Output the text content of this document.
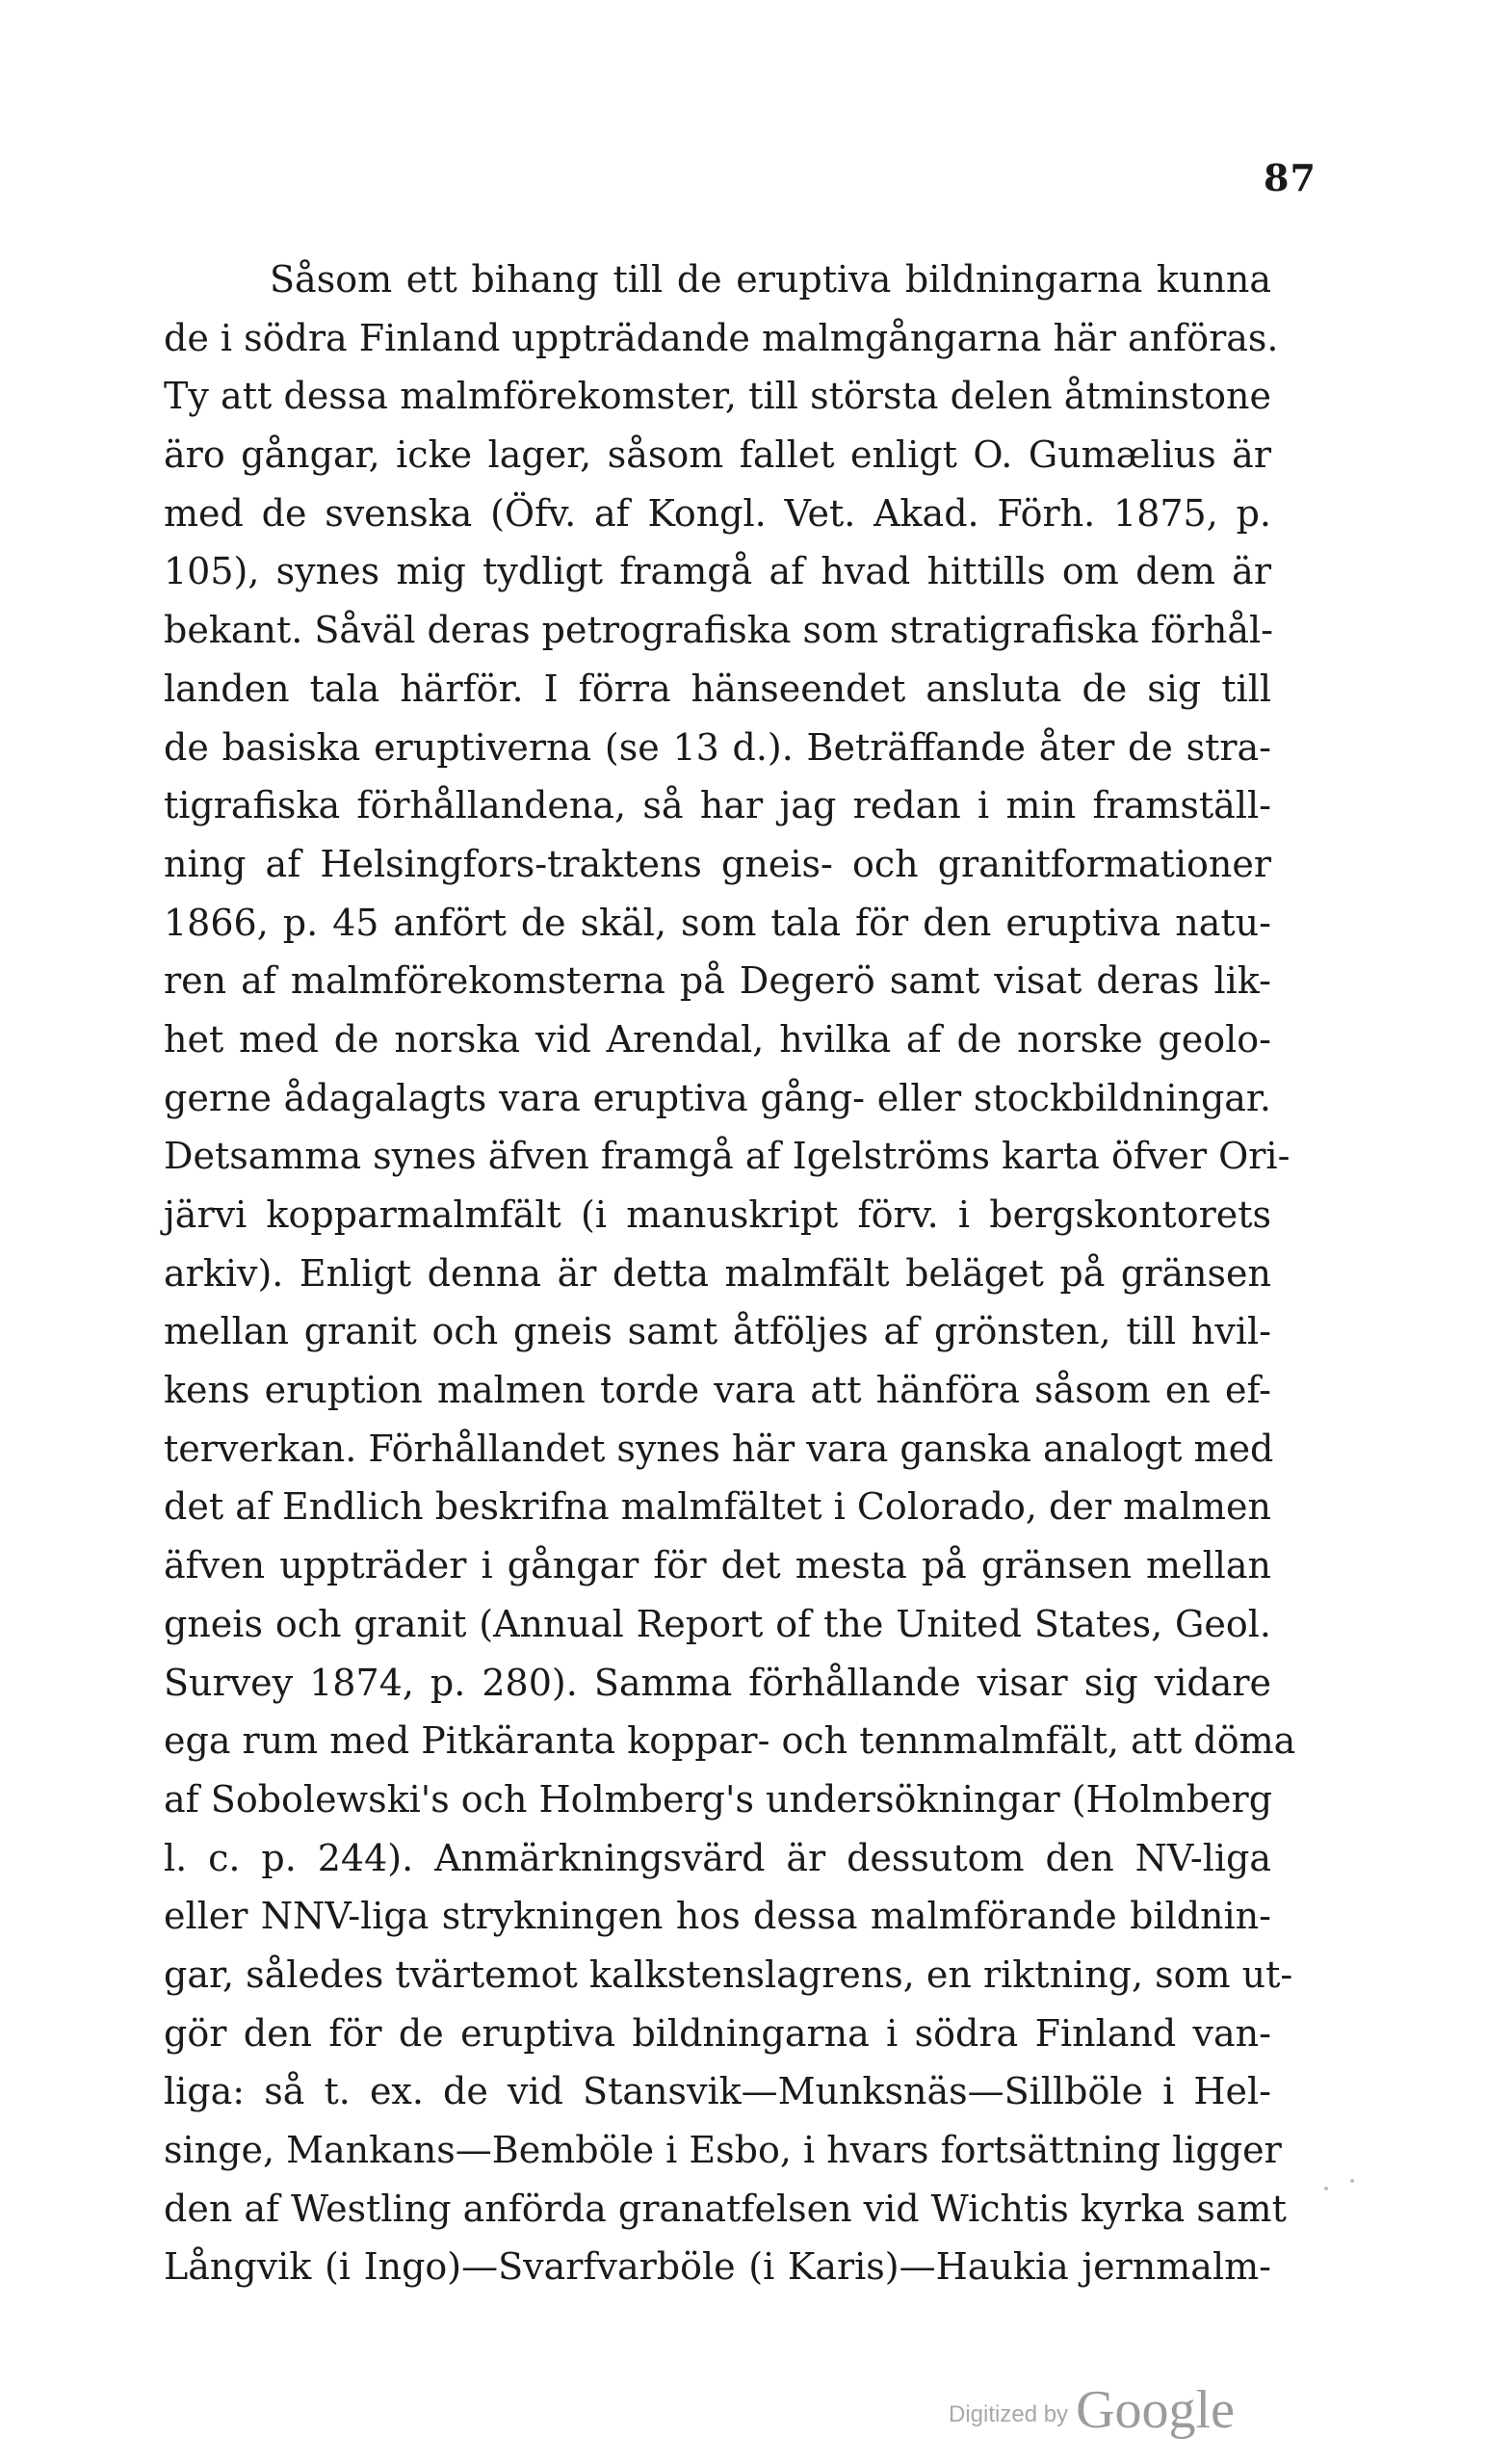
87
Såsom ett bihang till de eruptiva bildningarna kunna
de i södra Finland uppträdande malmgångarna här anföras.
Ty att dessa malmförekomster, till största delen åtminstone
äro gångar, icke lager, såsom fallet enligt O. Gumælius är
med de svenska (Öfv. af Kongl. Vet. Akad. Förh. 1875, p.
105), synes mig tydligt framgå af hvad hittills om dem är
bekant. Såväl deras petrografiska som stratigrafiska förhål-
landen tala härför. I förra hänseendet ansluta de sig till
de basiska eruptiverna (se 13 d.). Beträffande åter de stra-
tigrafiska förhållandena, så har jag redan i min framställ-
ning af Helsingfors-traktens gneis- och granitformationer
1866, p. 45 anfört de skäl, som tala för den eruptiva natu-
ren af malmförekomsterna på Degerö samt visat deras lik-
het med de norska vid Arendal, hvilka af de norske geolo-
gerne ådagalagts vara eruptiva gång- eller stockbildningar.
Detsamma synes äfven framgå af Igelströms karta öfver Ori-
järvi kopparmalmfält (i manuskript förv. i bergskontorets
arkiv). Enligt denna är detta malmfält beläget på gränsen
mellan granit och gneis samt åtföljes af grönsten, till hvil-
kens eruption malmen torde vara att hänföra såsom en ef-
terverkan. Förhållandet synes här vara ganska analogt med
det af Endlich beskrifna malmfältet i Colorado, der malmen
äfven uppträder i gångar för det mesta på gränsen mellan
gneis och granit (Annual Report of the United States, Geol.
Survey 1874, p. 280). Samma förhållande visar sig vidare
ega rum med Pitkäranta koppar- och tennmalmfält, att döma
af Sobolewski's och Holmberg's undersökningar (Holmberg
l. c. p. 244). Anmärkningsvärd är dessutom den NV-liga
eller NNV-liga strykningen hos dessa malmförande bildnin-
gar, således tvärtemot kalkstenslagrens, en riktning, som ut-
gör den för de eruptiva bildningarna i södra Finland van-
liga: så t. ex. de vid Stansvik—Munksnäs—Sillböle i Hel-
singe, Mankans—Bemböle i Esbo, i hvars fortsättning ligger
den af Westling anförda granatfelsen vid Wichtis kyrka samt
Långvik (i Ingo)—Svarfvarböle (i Karis)—Haukia jernmalm-
Digitized by Google
